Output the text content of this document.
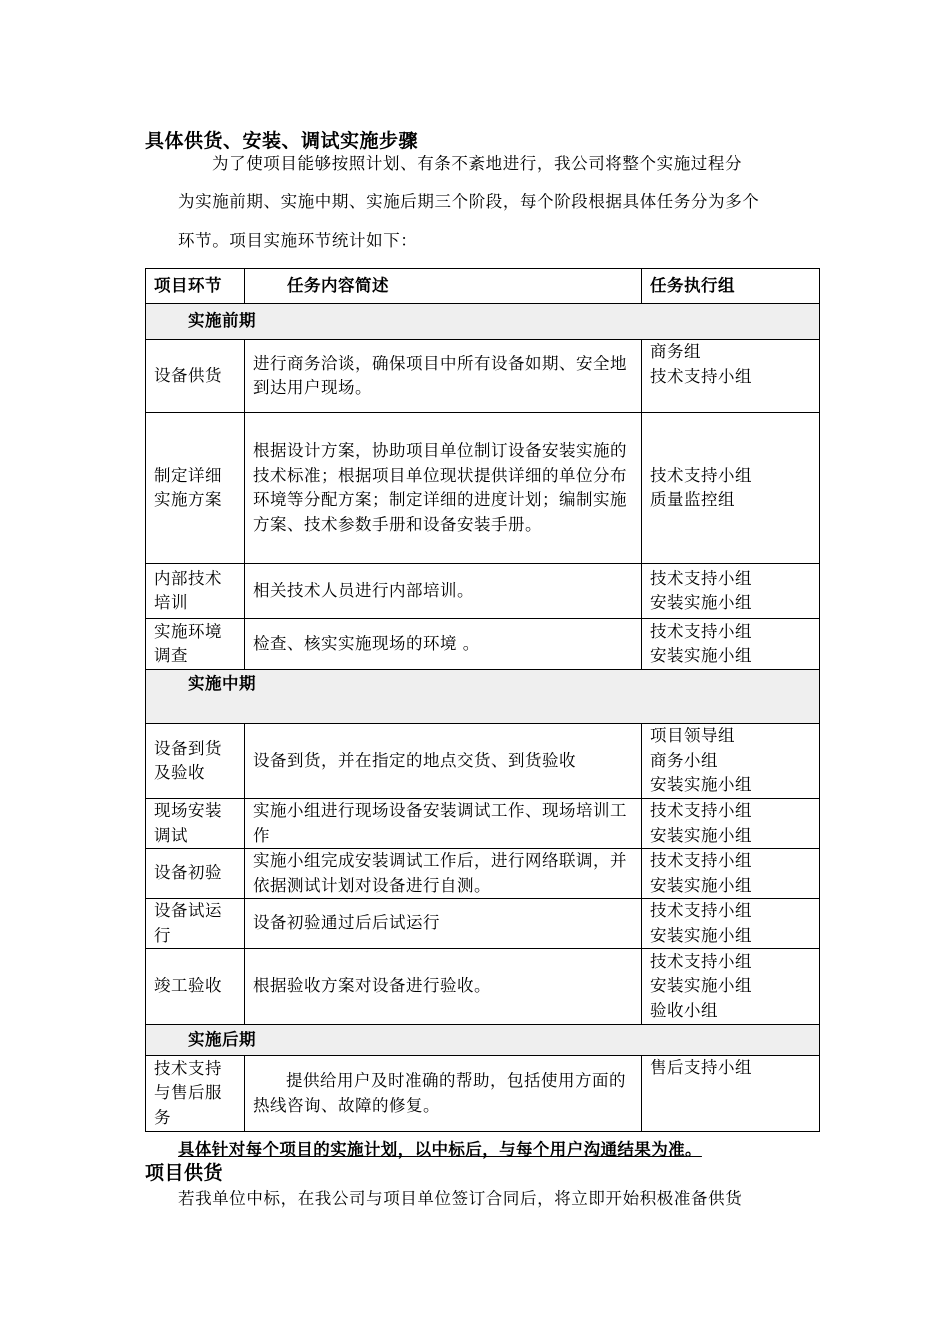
具体供货、安装、调试实施步骤
为了使项目能够按照计划、有条不紊地进行，我公司将整个实施过程分
为实施前期、实施中期、实施后期三个阶段，每个阶段根据具体任务分为多个
环节。项目实施环节统计如下：
项目环节	任务内容简述	任务执行组

实施前期		

设备供货	进行商务洽谈，确保项目中所有设备如期、安全地到达用户现场。	商务组
技术支持小组

制定详细实施方案	根据设计方案，协助项目单位制订设备安装实施的技术标准；根据项目单位现状提供详细的单位分布环境等分配方案；制定详细的进度计划；编制实施方案、技术参数手册和设备安装手册。	技术支持小组
质量监控组

内部技术培训	相关技术人员进行内部培训。	技术支持小组
安装实施小组

实施环境调查	检查、核实实施现场的环境 。	技术支持小组
安装实施小组

实施中期		

设备到货及验收	设备到货，并在指定的地点交货、到货验收	项目领导组
商务小组
安装实施小组

现场安装调试	实施小组进行现场设备安装调试工作、现场培训工作	技术支持小组
安装实施小组

设备初验	实施小组完成安装调试工作后，进行网络联调，并依据测试计划对设备进行自测。	技术支持小组
安装实施小组

设备试运行	设备初验通过后后试运行	技术支持小组
安装实施小组

竣工验收	根据验收方案对设备进行验收。	技术支持小组
安装实施小组
验收小组

实施后期		

技术支持与售后服务	提供给用户及时准确的帮助，包括使用方面的热线咨询、故障的修复。	售后支持小组
具体针对每个项目的实施计划，以中标后，与每个用户沟通结果为准。
项目供货
若我单位中标，在我公司与项目单位签订合同后，将立即开始积极准备供货
